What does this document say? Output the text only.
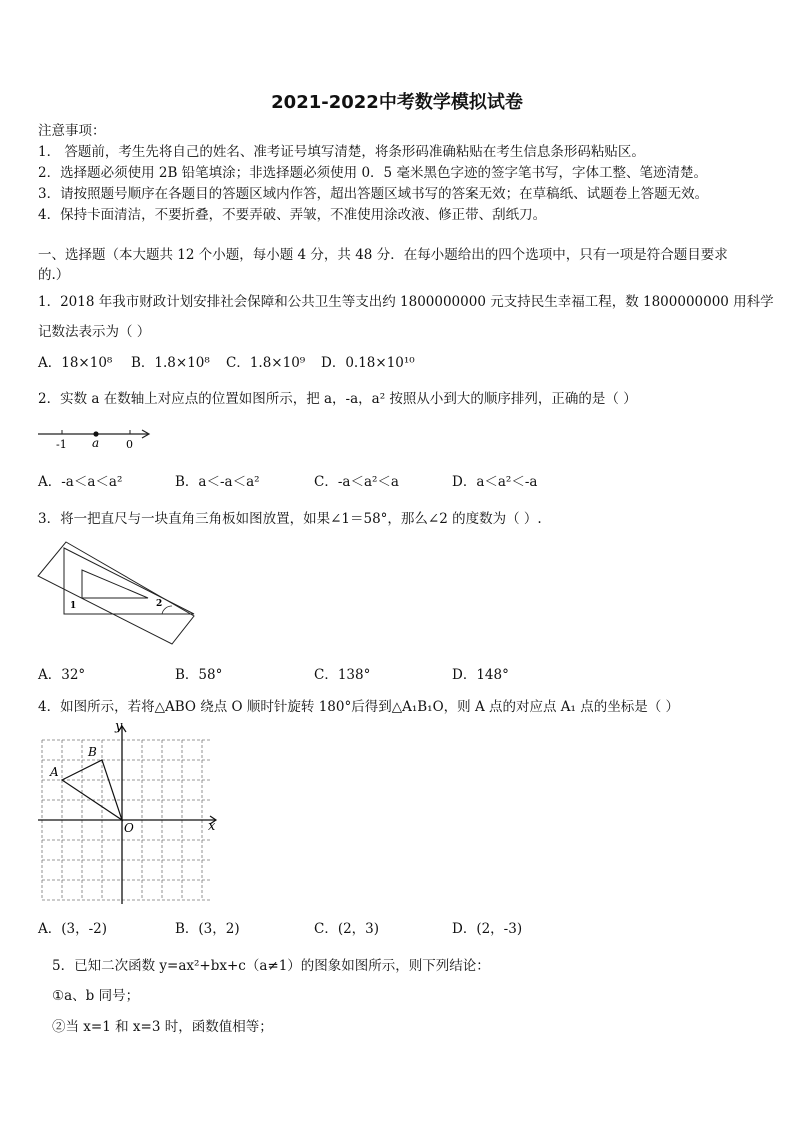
2021-2022中考数学模拟试卷
注意事项：
1． 答题前，考生先将自己的姓名、准考证号填写清楚，将条形码准确粘贴在考生信息条形码粘贴区。
2．选择题必须使用 2B 铅笔填涂；非选择题必须使用 0．5 毫米黑色字迹的签字笔书写，字体工整、笔迹清楚。
3．请按照题号顺序在各题目的答题区域内作答，超出答题区域书写的答案无效；在草稿纸、试题卷上答题无效。
4．保持卡面清洁，不要折叠，不要弄破、弄皱，不准使用涂改液、修正带、刮纸刀。
一、选择题（本大题共 12 个小题，每小题 4 分，共 48 分．在每小题给出的四个选项中，只有一项是符合题目要求
的.）
1．2018 年我市财政计划安排社会保障和公共卫生等支出约 1800000000 元支持民生幸福工程，数 1800000000 用科学
记数法表示为（ ）
A．18×10⁸ B．1.8×10⁸ C．1.8×10⁹ D．0.18×10¹⁰
2．实数 a 在数轴上对应点的位置如图所示，把 a，-a，a² 按照从小到大的顺序排列，正确的是（ ）
-1 a 0
A．-a＜a＜a²	B．a＜-a＜a²	C．-a＜a²＜a	D．a＜a²＜-a
3．将一把直尺与一块直角三角板如图放置，如果∠1＝58°，那么∠2 的度数为（ ）.
1	2
A．32°	B．58°	C．138°	D．148°
4．如图所示，若将△ABO 绕点 O 顺时针旋转 180°后得到△A₁B₁O，则 A 点的对应点 A₁ 点的坐标是（ ）
y
x
O
A
B
A．(3，-2)	B．(3，2)	C．(2，3)	D．(2，-3)
5．已知二次函数 y=ax²+bx+c（a≠1）的图象如图所示，则下列结论：
①a、b 同号；
②当 x=1 和 x=3 时，函数值相等；
